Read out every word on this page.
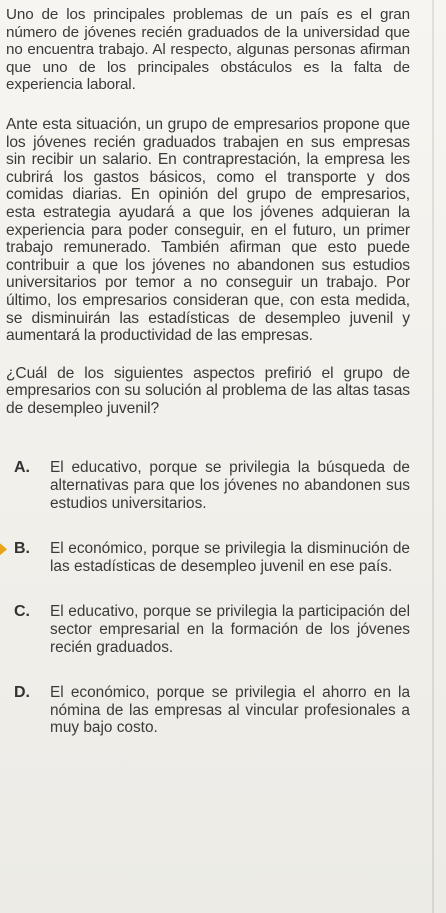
Uno de los principales problemas de un país es el gran número de jóvenes recién graduados de la universidad que no encuentra trabajo. Al respecto, algunas personas afirman que uno de los principales obstáculos es la falta de experiencia laboral.

Ante esta situación, un grupo de empresarios propone que los jóvenes recién graduados trabajen en sus empresas sin recibir un salario. En contraprestación, la empresa les cubrirá los gastos básicos, como el transporte y dos comidas diarias. En opinión del grupo de empresarios, esta estrategia ayudará a que los jóvenes adquieran la experiencia para poder conseguir, en el futuro, un primer trabajo remunerado. También afirman que esto puede contribuir a que los jóvenes no abandonen sus estudios universitarios por temor a no conseguir un trabajo. Por último, los empresarios consideran que, con esta medida, se disminuirán las estadísticas de desempleo juvenil y aumentará la productividad de las empresas.

¿Cuál de los siguientes aspectos prefirió el grupo de empresarios con su solución al problema de las altas tasas de desempleo juvenil?

A.	El educativo, porque se privilegia la búsqueda de alternativas para que los jóvenes no abandonen sus estudios universitarios.
B.	El económico, porque se privilegia la disminución de las estadísticas de desempleo juvenil en ese país.
C.	El educativo, porque se privilegia la participación del sector empresarial en la formación de los jóvenes recién graduados.
D.	El económico, porque se privilegia el ahorro en la nómina de las empresas al vincular profesionales a muy bajo costo.
